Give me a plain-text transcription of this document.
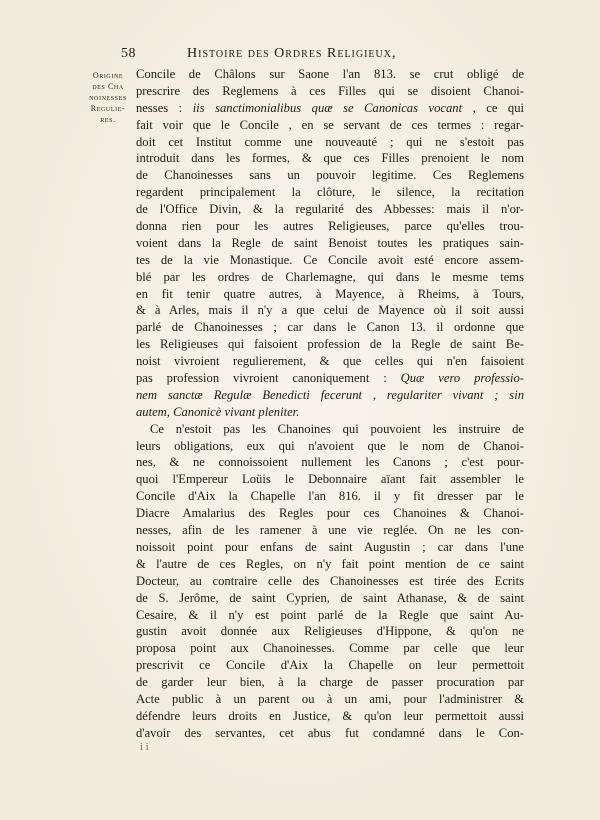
58	Histoire des Ordres Religieux,
Origine
des Cha
noinesses
Regulie-
res.
Concile de Châlons sur Saone l'an 813. se crut obligé de
prescrire des Reglemens à ces Filles qui se disoient Chanoi-
nesses : iis sanctimonialibus quæ se Canonicas vocant , ce qui
fait voir que le Concile , en se servant de ces termes : regar-
doit cet Institut comme une nouveauté ; qui ne s'estoit pas
introduit dans les formes, & que ces Filles prenoient le nom
de Chanoinesses sans un pouvoir legitime. Ces Reglemens
regardent principalement la clôture, le silence, la recitation
de l'Office Divin, & la regularité des Abbesses: mais il n'or-
donna rien pour les autres Religieuses, parce qu'elles trou-
voient dans la Regle de saint Benoist toutes les pratiques sain-
tes de la vie Monastique. Ce Concile avoit esté encore assem-
blé par les ordres de Charlemagne, qui dans le mesme tems
en fit tenir quatre autres, à Mayence, à Rheims, à Tours,
& à Arles, mais il n'y a que celui de Mayence où il soit aussi
parlé de Chanoinesses ; car dans le Canon 13. il ordonne que
les Religieuses qui faisoient profession de la Regle de saint Be-
noist vivroient regulierement, & que celles qui n'en faisoient
pas profession vivroient canoniquement : Quæ vero professio-
nem sanctæ Regulæ Benedicti fecerunt , regulariter vivant ; sin
autem, Canonicè vivant pleniter.
Ce n'estoit pas les Chanoines qui pouvoient les instruire de
leurs obligations, eux qui n'avoient que le nom de Chanoi-
nes, & ne connoissoient nullement les Canons ; c'est pour-
quoi l'Empereur Loüis le Debonnaire aïant fait assembler le
Concile d'Aix la Chapelle l'an 816. il y fit dresser par le
Diacre Amalarius des Regles pour ces Chanoines & Chanoi-
nesses, afin de les ramener à une vie reglée. On ne les con-
noissoit point pour enfans de saint Augustin ; car dans l'une
& l'autre de ces Regles, on n'y fait point mention de ce saint
Docteur, au contraire celle des Chanoinesses est tirée des Ecrits
de S. Jerôme, de saint Cyprien, de saint Athanase, & de saint
Cesaire, & il n'y est point parlé de la Regle que saint Au-
gustin avoit donnée aux Religieuses d'Hippone, & qu'on ne
proposa point aux Chanoinesses. Comme par celle que leur
prescrivit ce Concile d'Aix la Chapelle on leur permettoit
de garder leur bien, à la charge de passer procuration par
Acte public à un parent ou à un ami, pour l'administrer &
défendre leurs droits en Justice, & qu'on leur permettoit aussi
d'avoir des servantes, cet abus fut condamné dans le Con-
ii
